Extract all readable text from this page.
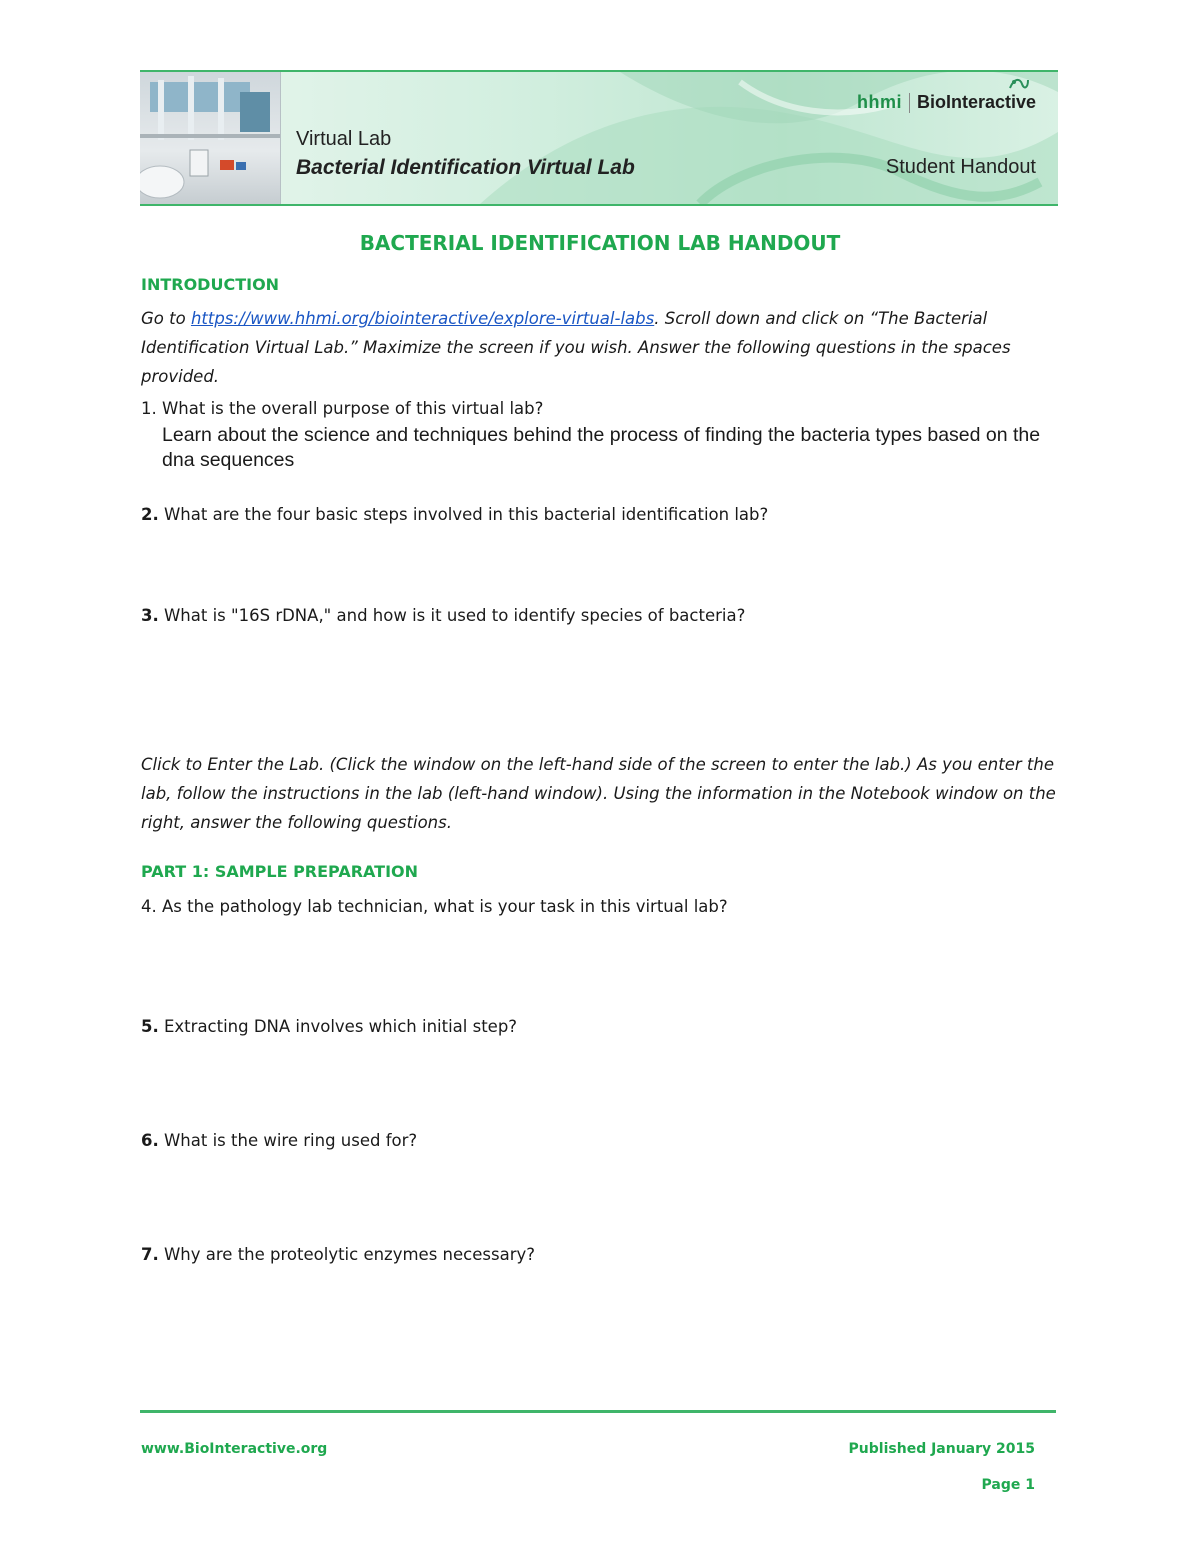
Virtual Lab
Bacterial Identification Virtual Lab
hhmi BioInteractive
Student Handout
BACTERIAL IDENTIFICATION LAB HANDOUT
INTRODUCTION
Go to https://www.hhmi.org/biointeractive/explore-virtual-labs. Scroll down and click on “The Bacterial Identification Virtual Lab.” Maximize the screen if you wish. Answer the following questions in the spaces provided.
1. What is the overall purpose of this virtual lab?
Learn about the science and techniques behind the process of finding the bacteria types based on the dna sequences
2. What are the four basic steps involved in this bacterial identification lab?
3. What is "16S rDNA," and how is it used to identify species of bacteria?
Click to Enter the Lab. (Click the window on the left-hand side of the screen to enter the lab.) As you enter the lab, follow the instructions in the lab (left-hand window). Using the information in the Notebook window on the right, answer the following questions.
PART 1: SAMPLE PREPARATION
4. As the pathology lab technician, what is your task in this virtual lab?
5. Extracting DNA involves which initial step?
6. What is the wire ring used for?
7. Why are the proteolytic enzymes necessary?
www.BioInteractive.org	Published January 2015
Page 1
